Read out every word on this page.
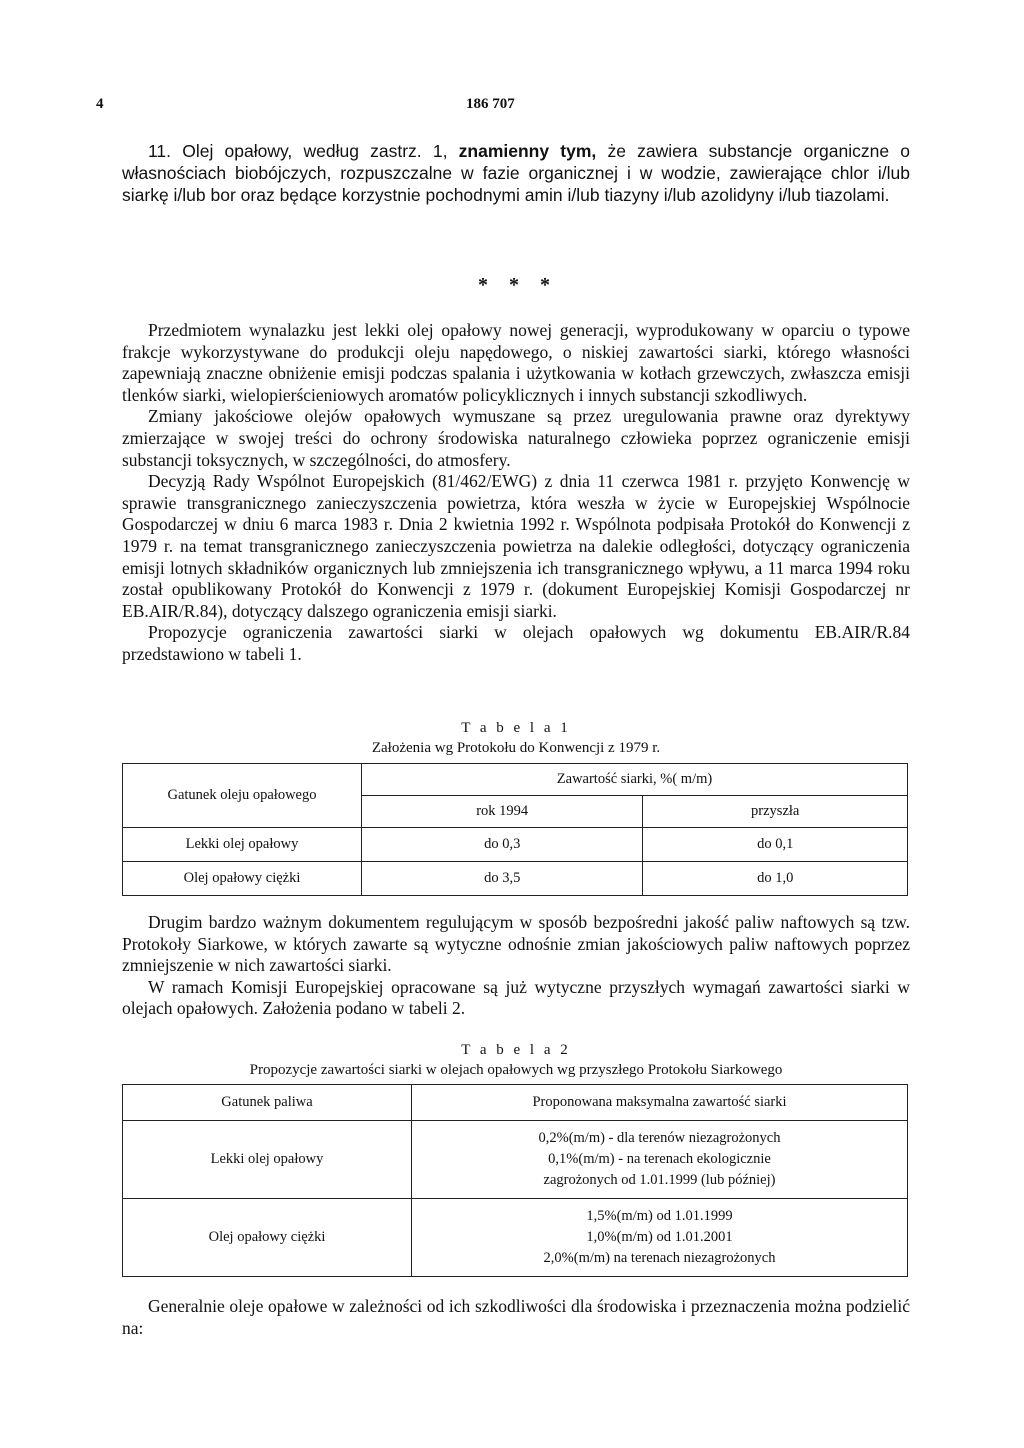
4	186 707
11. Olej opałowy, według zastrz. 1, znamienny tym, że zawiera substancje organiczne o własnościach biobójczych, rozpuszczalne w fazie organicznej i w wodzie, zawierające chlor i/lub siarkę i/lub bor oraz będące korzystnie pochodnymi amin i/lub tiazyny i/lub azolidyny i/lub tiazolami.
* * *

Przedmiotem wynalazku jest lekki olej opałowy nowej generacji, wyprodukowany w oparciu o typowe frakcje wykorzystywane do produkcji oleju napędowego, o niskiej zawartości siarki, którego własności zapewniają znaczne obniżenie emisji podczas spalania i użytkowania w kotłach grzewczych, zwłaszcza emisji tlenków siarki, wielopierścieniowych aromatów policyklicznych i innych substancji szkodliwych.

Zmiany jakościowe olejów opałowych wymuszane są przez uregulowania prawne oraz dyrektywy zmierzające w swojej treści do ochrony środowiska naturalnego człowieka poprzez ograniczenie emisji substancji toksycznych, w szczególności, do atmosfery.

Decyzją Rady Wspólnot Europejskich (81/462/EWG) z dnia 11 czerwca 1981 r. przyjęto Konwencję w sprawie transgranicznego zanieczyszczenia powietrza, która weszła w życie w Europejskiej Wspólnocie Gospodarczej w dniu 6 marca 1983 r. Dnia 2 kwietnia 1992 r. Wspólnota podpisała Protokół do Konwencji z 1979 r. na temat transgranicznego zanieczyszczenia powietrza na dalekie odległości, dotyczący ograniczenia emisji lotnych składników organicznych lub zmniejszenia ich transgranicznego wpływu, a 11 marca 1994 roku został opublikowany Protokół do Konwencji z 1979 r. (dokument Europejskiej Komisji Gospodarczej nr EB.AIR/R.84), dotyczący dalszego ograniczenia emisji siarki.

Propozycje ograniczenia zawartości siarki w olejach opałowych wg dokumentu EB.AIR/R.84 przedstawiono w tabeli 1.

T a b e l a 1
Założenia wg Protokołu do Konwencji z 1979 r.
Gatunek oleju opałowego	Zawartość siarki, %( m/m)	
	rok 1994	przyszła
Lekki olej opałowy	do 0,3	do 0,1
Olej opałowy ciężki	do 3,5	do 1,0

Drugim bardzo ważnym dokumentem regulującym w sposób bezpośredni jakość paliw naftowych są tzw. Protokoły Siarkowe, w których zawarte są wytyczne odnośnie zmian jakościowych paliw naftowych poprzez zmniejszenie w nich zawartości siarki.

W ramach Komisji Europejskiej opracowane są już wytyczne przyszłych wymagań zawartości siarki w olejach opałowych. Założenia podano w tabeli 2.

T a b e l a 2
Propozycje zawartości siarki w olejach opałowych wg przyszłego Protokołu Siarkowego
Gatunek paliwa	Proponowana maksymalna zawartość siarki
Lekki olej opałowy	0,2%(m/m) - dla terenów niezagrożonych
0,1%(m/m) - na terenach ekologicznie
zagrożonych od 1.01.1999 (lub później)

Olej opałowy ciężki	1,5%(m/m) od 1.01.1999
1,0%(m/m) od 1.01.2001
2,0%(m/m) na terenach niezagrożonych

Generalnie oleje opałowe w zależności od ich szkodliwości dla środowiska i przeznaczenia można podzielić na:
